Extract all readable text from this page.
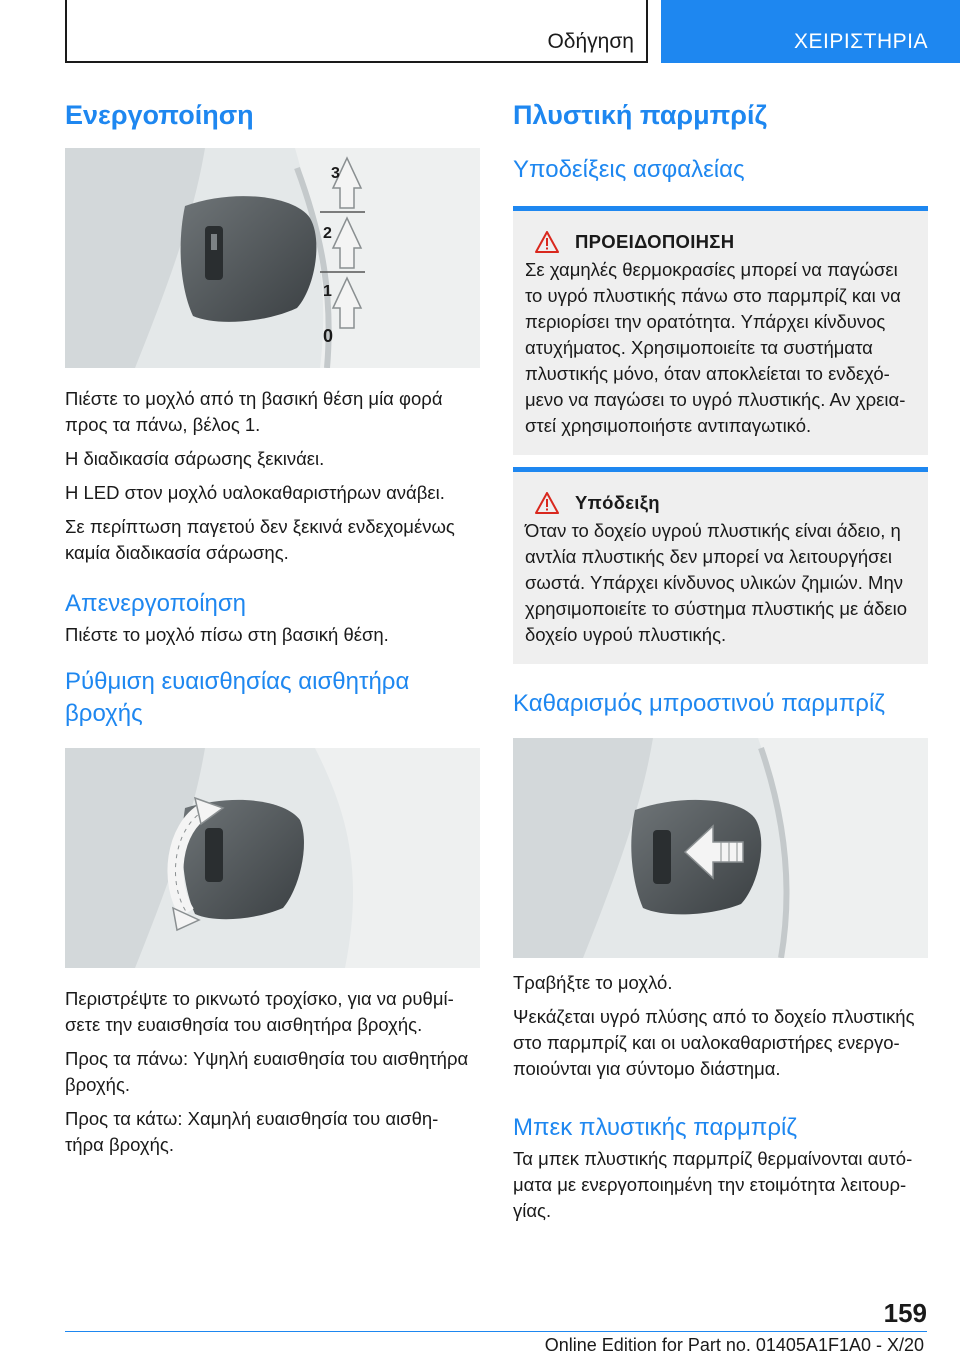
Οδήγηση	ΧΕΙΡΙΣΤΗΡΙΑ
Ενεργοποίηση
0
1
2
3

Πιέστε το μοχλό από τη βασική θέση μία φορά προς τα πάνω, βέλος 1.

Η διαδικασία σάρωσης ξεκινάει.

Η LED στον μοχλό υαλοκαθαριστήρων ανάβει.

Σε περίπτωση παγετού δεν ξεκινά ενδεχομένως καμία διαδικασία σάρωσης.

Απενεργοποίηση

Πιέστε το μοχλό πίσω στη βασική θέση.

Ρύθμιση ευαισθησίας αισθητήρα βροχής

Περιστρέψτε το ρικνωτό τροχίσκο, για να ρυθμί- σετε την ευαισθησία του αισθητήρα βροχής.

Προς τα πάνω: Υψηλή ευαισθησία του αισθητήρα βροχής.

Προς τα κάτω: Χαμηλή ευαισθησία του αισθη- τήρα βροχής.

Πλυστική παρμπρίζ
Υποδείξεις ασφαλείας
ΠΡΟΕΙΔΟΠΟΙΗΣΗ

Σε χαμηλές θερμοκρασίες μπορεί να παγώσει το υγρό πλυστικής πάνω στο παρμπρίζ και να περιορίσει την ορατότητα. Υπάρχει κίνδυνος ατυχήματος. Χρησιμοποιείτε τα συστήματα πλυστικής μόνο, όταν αποκλείεται το ενδεχό- μενο να παγώσει το υγρό πλυστικής. Αν χρεια- στεί χρησιμοποιήστε αντιπαγωτικό.

Υπόδειξη

Όταν το δοχείο υγρού πλυστικής είναι άδειο, η αντλία πλυστικής δεν μπορεί να λειτουργήσει σωστά. Υπάρχει κίνδυνος υλικών ζημιών. Μην χρησιμοποιείτε το σύστημα πλυστικής με άδειο δοχείο υγρού πλυστικής.

Καθαρισμός μπροστινού παρμπρίζ

Τραβήξτε το μοχλό.

Ψεκάζεται υγρό πλύσης από το δοχείο πλυστικής στο παρμπρίζ και οι υαλοκαθαριστήρες ενεργο- ποιούνται για σύντομο διάστημα.

Μπεκ πλυστικής παρμπρίζ

Τα μπεκ πλυστικής παρμπρίζ θερμαίνονται αυτό- ματα με ενεργοποιημένη την ετοιμότητα λειτουρ- γίας.

159
Online Edition for Part no. 01405A1F1A0 - X/20
